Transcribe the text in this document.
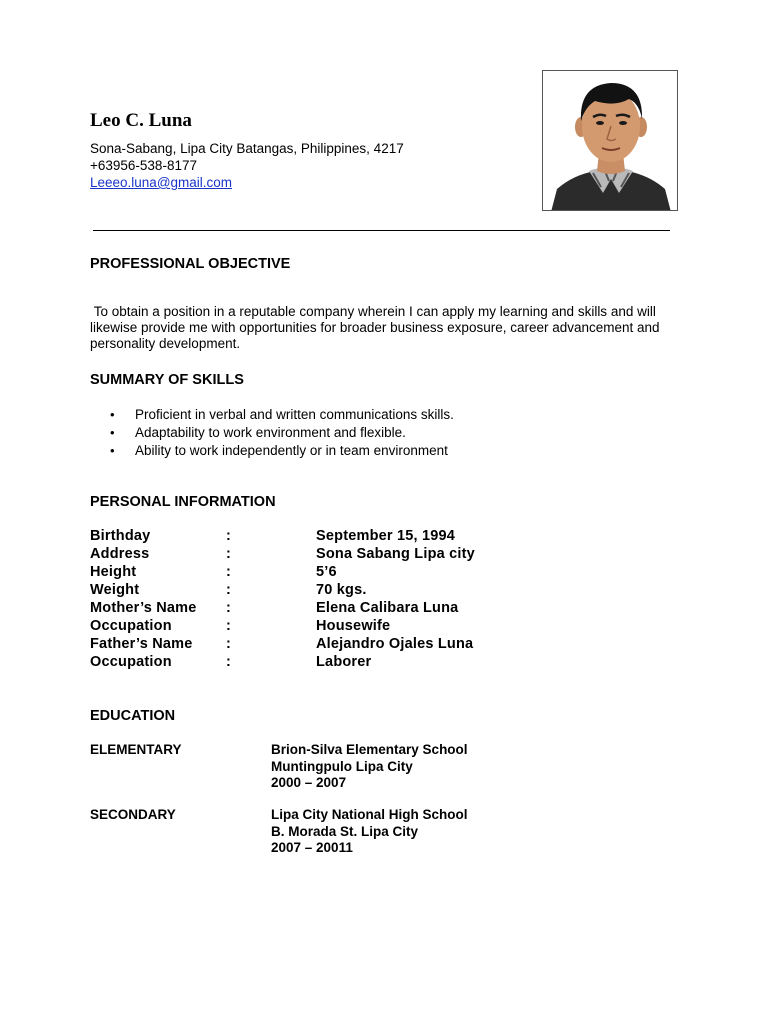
Leo C. Luna
Sona-Sabang, Lipa City Batangas, Philippines, 4217
+63956-538-8177
Leeeo.luna@gmail.com
PROFESSIONAL OBJECTIVE
To obtain a position in a reputable company wherein I can apply my learning and skills and will likewise provide me with opportunities for broader business exposure, career advancement and personality development.
SUMMARY OF SKILLS
• Proficient in verbal and written communications skills.
• Adaptability to work environment and flexible.
• Ability to work independently or in team environment
PERSONAL INFORMATION
Birthday	:	September 15, 1994
Address	:	Sona Sabang Lipa city
Height	:	5’6
Weight	:	70 kgs.
Mother’s Name	:	Elena Calibara Luna
Occupation	:	Housewife
Father’s Name	:	Alejandro Ojales Luna
Occupation	:	Laborer
EDUCATION
ELEMENTARY	Brion-Silva Elementary School
Muntingpulo Lipa City
2000 – 2007
SECONDARY	Lipa City National High School
B. Morada St. Lipa City
2007 – 20011
